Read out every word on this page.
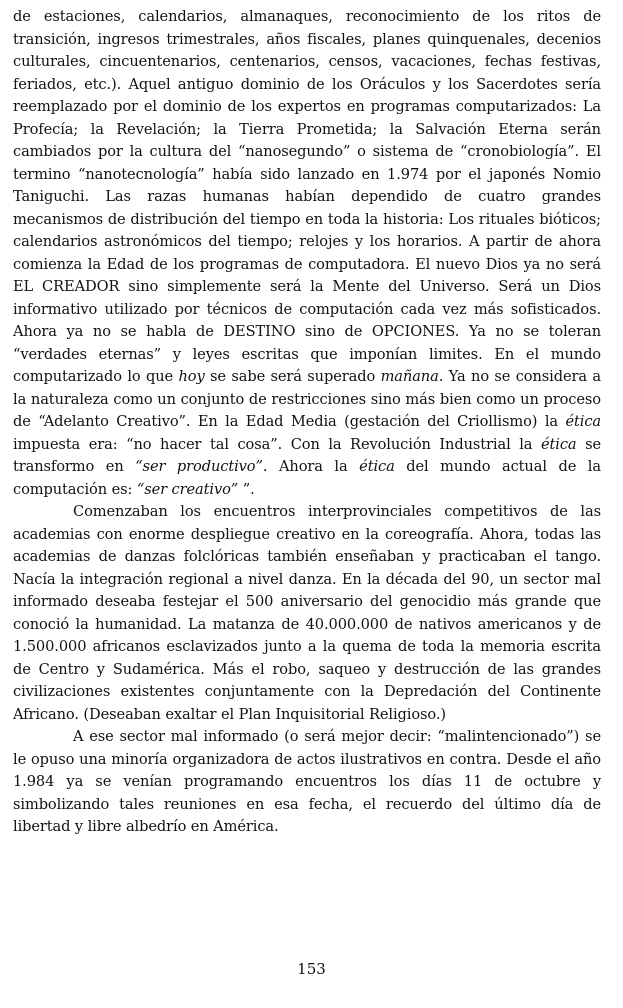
de estaciones, calendarios, almanaques, reconocimiento de los ritos de transición, ingresos trimestrales, años fiscales, planes quinquenales, decenios culturales, cincuentenarios, centenarios, censos, vacaciones, fechas festivas, feriados, etc.). Aquel antiguo dominio de los Oráculos y los Sacerdotes sería reemplazado por el dominio de los expertos en programas computarizados: La Profecía; la Revelación; la Tierra Prometida; la Salvación Eterna serán cambiados por la cultura del “nanosegundo” o sistema de “cronobiología”. El termino “nanotecnología” había sido lanzado en 1.974 por el japonés Nomio Taniguchi. Las razas humanas habían dependido de cuatro grandes mecanismos de distribución del tiempo en toda la historia: Los rituales bióticos; calendarios astronómicos del tiempo; relojes y los horarios. A partir de ahora comienza la Edad de los programas de computadora. El nuevo Dios ya no será EL CREADOR sino simplemente será la Mente del Universo. Será un Dios informativo utilizado por técnicos de computación cada vez más sofisticados. Ahora ya no se habla de DESTINO sino de OPCIONES. Ya no se toleran “verdades eternas” y leyes escritas que imponían limites. En el mundo computarizado lo que hoy se sabe será superado mañana. Ya no se considera a la naturaleza como un conjunto de restricciones sino más bien como un proceso de “Adelanto Creativo”. En la Edad Media (gestación del Criollismo) la ética impuesta era: “no hacer tal cosa”. Con la Revolución Industrial la ética se transformo en “ser productivo”. Ahora la ética del mundo actual de la computación es: “ser creativo” ”.

Comenzaban los encuentros interprovinciales competitivos de las academias con enorme despliegue creativo en la coreografía. Ahora, todas las academias de danzas folclóricas también enseñaban y practicaban el tango. Nacía la integración regional a nivel danza. En la década del 90, un sector mal informado deseaba festejar el 500 aniversario del genocidio más grande que conoció la humanidad. La matanza de 40.000.000 de nativos americanos y de 1.500.000 africanos esclavizados junto a la quema de toda la memoria escrita de Centro y Sudamérica. Más el robo, saqueo y destrucción de las grandes civilizaciones existentes conjuntamente con la Depredación del Continente Africano. (Deseaban exaltar el Plan Inquisitorial Religioso.)

A ese sector mal informado (o será mejor decir: “malintencionado”) se le opuso una minoría organizadora de actos ilustrativos en contra. Desde el año 1.984 ya se venían programando encuentros los días 11 de octubre y simbolizando tales reuniones en esa fecha, el recuerdo del último día de libertad y libre albedrío en América.

153
